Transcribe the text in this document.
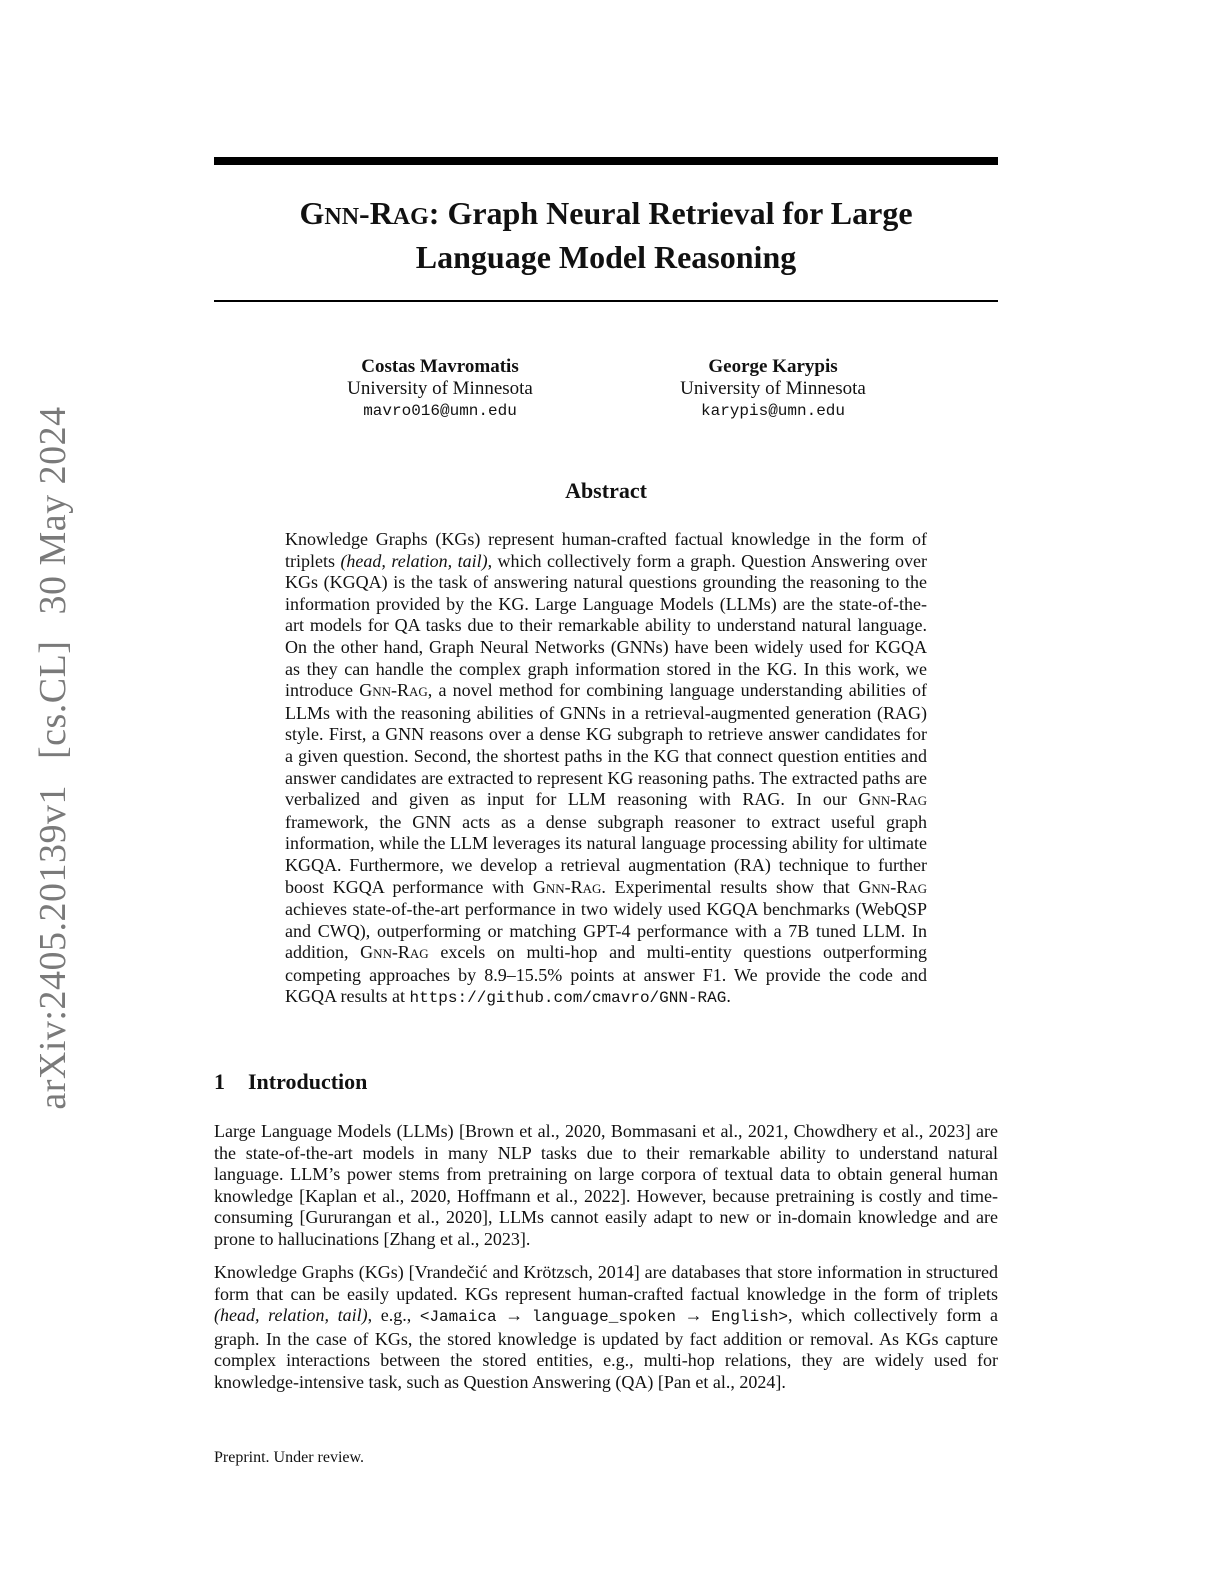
arXiv:2405.20139v1 [cs.CL] 30 May 2024
GNN-RAG: Graph Neural Retrieval for Large
Language Model Reasoning
Costas Mavromatis
University of Minnesota
mavro016@umn.edu
George Karypis
University of Minnesota
karypis@umn.edu
Abstract
Knowledge Graphs (KGs) represent human-crafted factual knowledge in the form of triplets (head, relation, tail), which collectively form a graph. Question Answering over KGs (KGQA) is the task of answering natural questions grounding the reasoning to the information provided by the KG. Large Language Models (LLMs) are the state-of-the-art models for QA tasks due to their remarkable ability to understand natural language. On the other hand, Graph Neural Networks (GNNs) have been widely used for KGQA as they can handle the complex graph information stored in the KG. In this work, we introduce GNN-RAG, a novel method for combining language understanding abilities of LLMs with the reasoning abilities of GNNs in a retrieval-augmented generation (RAG) style. First, a GNN reasons over a dense KG subgraph to retrieve answer candidates for a given question. Second, the shortest paths in the KG that connect question entities and answer candidates are extracted to represent KG reasoning paths. The extracted paths are verbalized and given as input for LLM reasoning with RAG. In our GNN-RAG framework, the GNN acts as a dense subgraph reasoner to extract useful graph information, while the LLM leverages its natural language processing ability for ultimate KGQA. Furthermore, we develop a retrieval augmentation (RA) technique to further boost KGQA performance with GNN-RAG. Experimental results show that GNN-RAG achieves state-of-the-art performance in two widely used KGQA benchmarks (WebQSP and CWQ), outperforming or matching GPT-4 performance with a 7B tuned LLM. In addition, GNN-RAG excels on multi-hop and multi-entity questions outperforming competing approaches by 8.9–15.5% points at answer F1. We provide the code and KGQA results at https://github.com/cmavro/GNN-RAG.
1 Introduction
Large Language Models (LLMs) [Brown et al., 2020, Bommasani et al., 2021, Chowdhery et al., 2023] are the state-of-the-art models in many NLP tasks due to their remarkable ability to understand natural language. LLM’s power stems from pretraining on large corpora of textual data to obtain general human knowledge [Kaplan et al., 2020, Hoffmann et al., 2022]. However, because pretraining is costly and time-consuming [Gururangan et al., 2020], LLMs cannot easily adapt to new or in-domain knowledge and are prone to hallucinations [Zhang et al., 2023].
Knowledge Graphs (KGs) [Vrandečić and Krötzsch, 2014] are databases that store information in structured form that can be easily updated. KGs represent human-crafted factual knowledge in the form of triplets (head, relation, tail), e.g., <Jamaica → language_spoken → English>, which collectively form a graph. In the case of KGs, the stored knowledge is updated by fact addition or removal. As KGs capture complex interactions between the stored entities, e.g., multi-hop relations, they are widely used for knowledge-intensive task, such as Question Answering (QA) [Pan et al., 2024].
Preprint. Under review.
